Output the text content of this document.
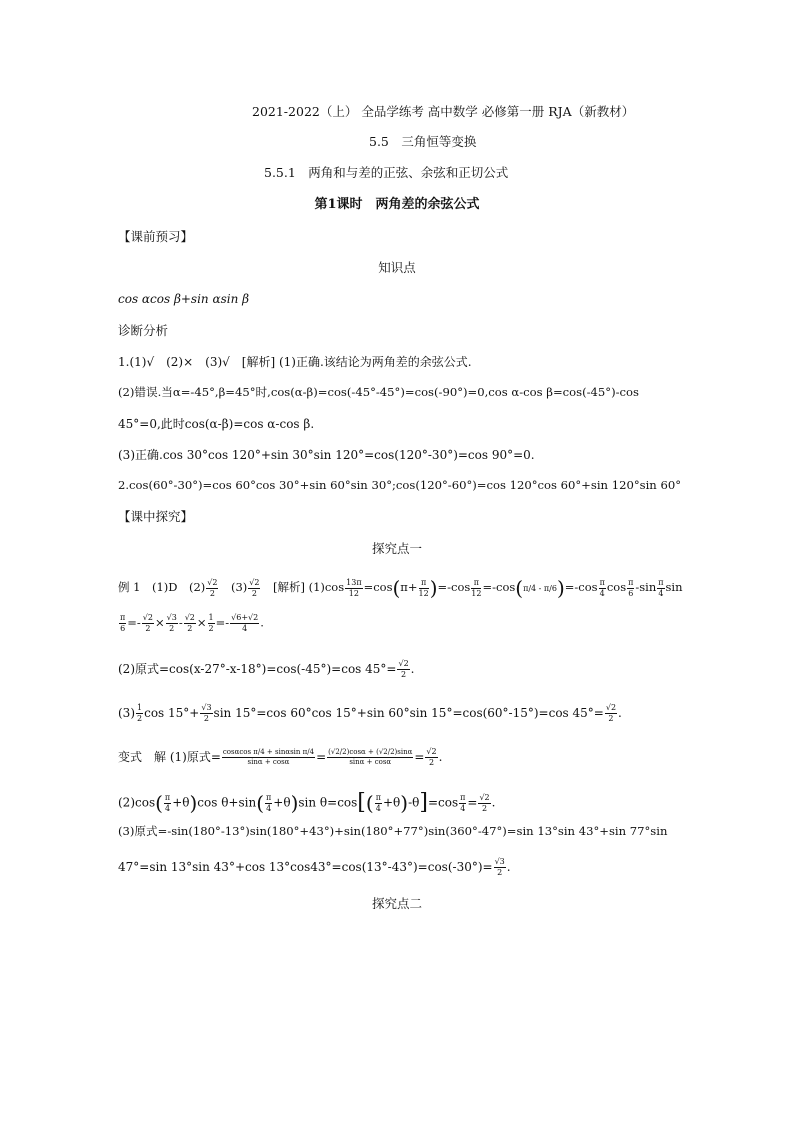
2021-2022（上） 全品学练考 高中数学 必修第一册 RJA（新教材）
5.5　三角恒等变换
5.5.1　两角和与差的正弦、余弦和正切公式
第1课时　两角差的余弦公式
【课前预习】
知识点
cos αcos β+sin αsin β
诊断分析
1.(1)√　(2)×　(3)√　[解析] (1)正确.该结论为两角差的余弦公式.
(2)错误.当α=-45°,β=45°时,cos(α-β)=cos(-45°-45°)=cos(-90°)=0,cos α-cos β=cos(-45°)-cos
45°=0,此时cos(α-β)=cos α-cos β.
(3)正确.cos 30°cos 120°+sin 30°sin 120°=cos(120°-30°)=cos 90°=0.
2.cos(60°-30°)=cos 60°cos 30°+sin 60°sin 30°;cos(120°-60°)=cos 120°cos 60°+sin 120°sin 60°
【课中探究】
探究点一
例 1　(1)D　$(2) \frac{√2}{2}$ 　$(3) \frac{√2}{2}$ 　[解析] $(1)\cos \frac{13\pi}{12} =\cos(\pi+ \frac{\pi}{12} )=-\cos \frac{\pi}{12} =-\cos(\pi/4 - \pi/6)=-\cos \frac{\pi}{4}$ $\cos \frac{\pi}{6} -\sin \frac{\pi}{4}$ sin
$\frac{\pi}{6} =- \frac{√2}{2} \times \frac{√3}{2} - \frac{√2}{2} \times \frac{1}{2} =- \frac{√6+√2}{4}$ .
(2)原式=cos(x-27°-x-18°)=cos(-45°)=cos $45^\circ= \frac{√2}{2}$ .
$(3) \frac{1}{2}$ $\cos 15^\circ+ \frac{√3}{2}$ sin 15°=cos 60°cos 15°+sin 60°sin 15°=cos(60°-15°)=cos $45^\circ= \frac{√2}{2}$ .
变式　解 (1)原式= $\frac{\text{cosαcos π/4 + sinαsin π/4}}{\sin\alpha + \cos\alpha} = \frac{(√2/2)\cos\alpha + (√2/2)\sin\alpha}{\sin\alpha + \cos\alpha} = \frac{√2}{2}$ .
$(2)\cos( \frac{\pi}{4} +\theta)\cos$ $\theta+\sin( \frac{\pi}{4} +\theta)\sin$ $\theta=\cos[( \frac{\pi}{4} +\theta)-\theta]=\cos \frac{\pi}{4} = \frac{√2}{2}$ .
(3)原式=-sin(180°-13°)sin(180°+43°)+sin(180°+77°)sin(360°-47°)=sin 13°sin 43°+sin 77°sin
47°=sin 13°sin 43°+cos $13^\circ\cos 43^\circ=\cos(13^\circ-43^\circ)=\cos(-30^\circ)= \frac{√3}{2}$ .
探究点二
